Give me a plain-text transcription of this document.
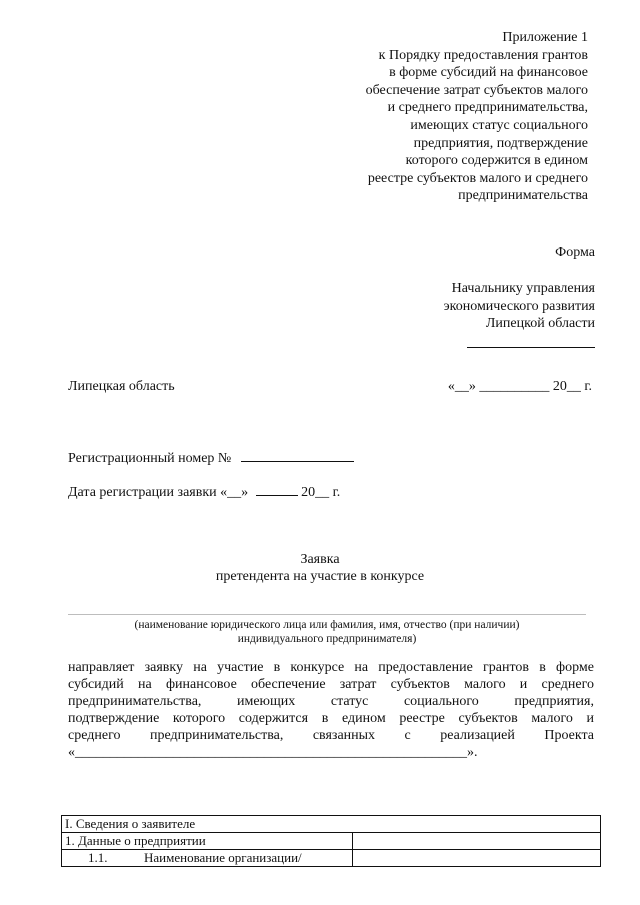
Приложение 1
к Порядку предоставления грантов
в форме субсидий на финансовое
обеспечение затрат субъектов малого
и среднего предпринимательства,
имеющих статус социального
предприятия, подтверждение
которого содержится в едином
реестре субъектов малого и среднего
предпринимательства
Форма
Начальнику управления
экономического развития
Липецкой области
Липецкая область	«__» __________ 20__ г.
Регистрационный номер №
Дата регистрации заявки «__»	20__ г.
Заявка
претендента на участие в конкурсе
(наименование юридического лица или фамилия, имя, отчество (при наличии)
индивидуального предпринимателя)
направляет заявку на участие в конкурсе на предоставление грантов в форме
субсидий на финансовое обеспечение затрат субъектов малого и среднего
предпринимательства,	имеющих	статус	социального	предприятия,
подтверждение которого содержится в едином реестре субъектов малого и
среднего предпринимательства, связанных с реализацией Проекта
«________________________________________________________».
I. Сведения о заявителе	
1. Данные о предприятии	
1.1. Наименование организации/	
